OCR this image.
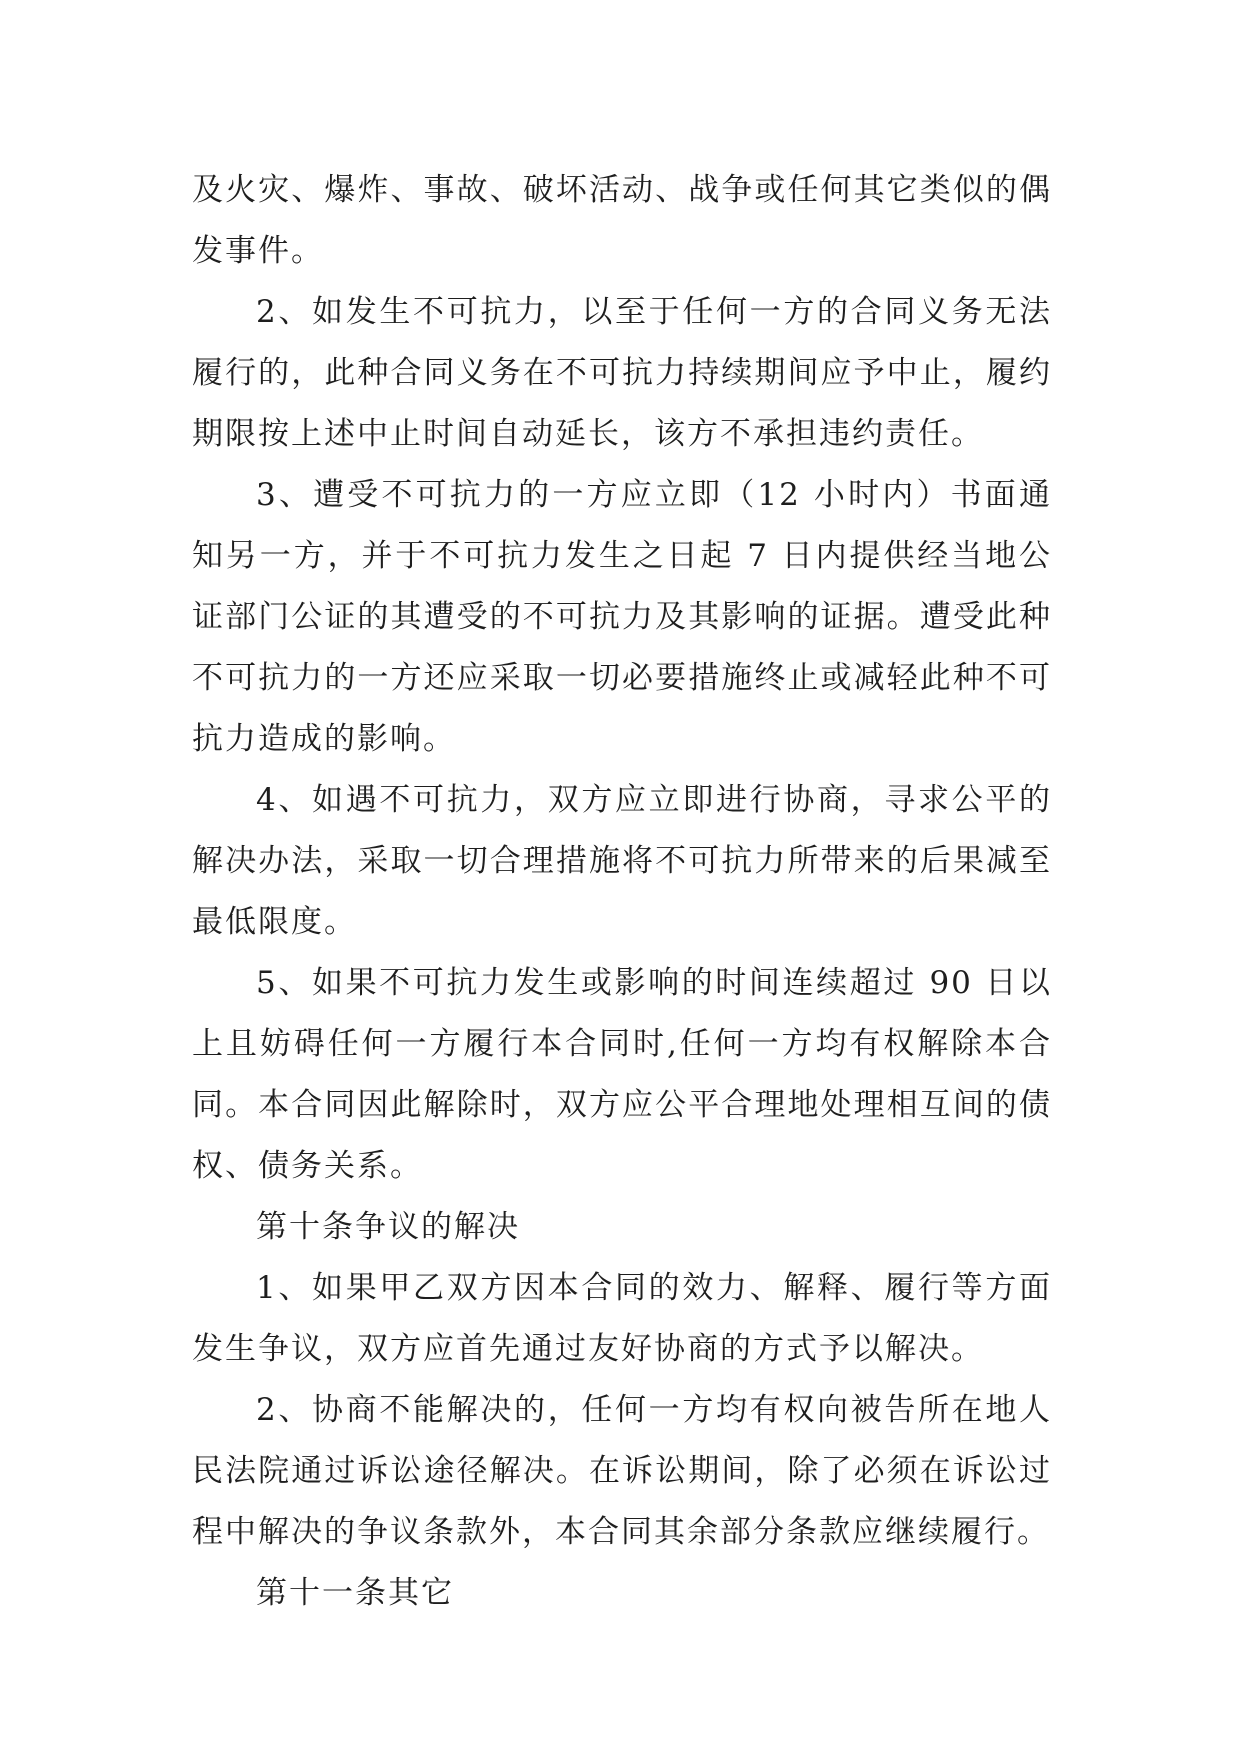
及火灾、爆炸、事故、破坏活动、战争或任何其它类似的偶发事件。

2、如发生不可抗力，以至于任何一方的合同义务无法履行的，此种合同义务在不可抗力持续期间应予中止，履约期限按上述中止时间自动延长，该方不承担违约责任。

3、遭受不可抗力的一方应立即（12 小时内）书面通知另一方，并于不可抗力发生之日起 7 日内提供经当地公证部门公证的其遭受的不可抗力及其影响的证据。遭受此种不可抗力的一方还应采取一切必要措施终止或减轻此种不可抗力造成的影响。

4、如遇不可抗力，双方应立即进行协商，寻求公平的解决办法，采取一切合理措施将不可抗力所带来的后果减至最低限度。

5、如果不可抗力发生或影响的时间连续超过 90 日以上且妨碍任何一方履行本合同时,任何一方均有权解除本合同。本合同因此解除时，双方应公平合理地处理相互间的债权、债务关系。

第十条争议的解决

1、如果甲乙双方因本合同的效力、解释、履行等方面发生争议，双方应首先通过友好协商的方式予以解决。

2、协商不能解决的，任何一方均有权向被告所在地人民法院通过诉讼途径解决。在诉讼期间，除了必须在诉讼过程中解决的争议条款外，本合同其余部分条款应继续履行。

第十一条其它
